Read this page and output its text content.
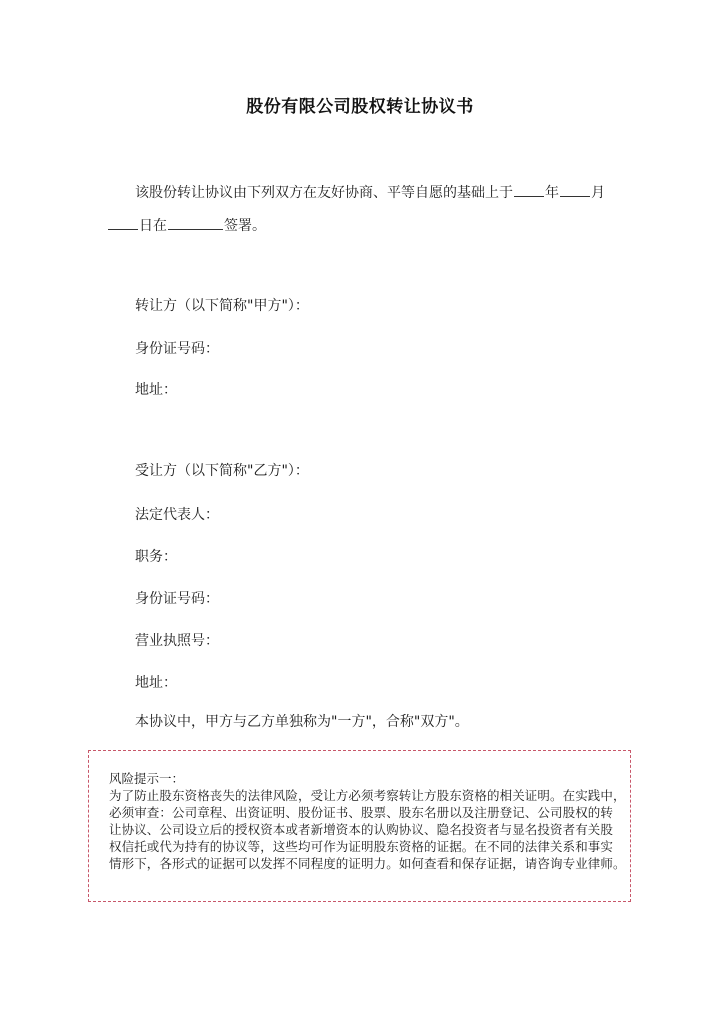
股份有限公司股权转让协议书
该股份转让协议由下列双方在友好协商、平等自愿的基础上于 年 月
日在	签署。
转让方（以下简称"甲方"）：
身份证号码：
地址：
受让方（以下简称"乙方"）：
法定代表人：
职务：
身份证号码：
营业执照号：
地址：
本协议中，甲方与乙方单独称为"一方"，合称"双方"。
风险提示一：
为了防止股东资格丧失的法律风险，受让方必须考察转让方股东资格的相关证明。在实践中，
必须审查：公司章程、出资证明、股份证书、股票、股东名册以及注册登记、公司股权的转
让协议、公司设立后的授权资本或者新增资本的认购协议、隐名投资者与显名投资者有关股
权信托或代为持有的协议等，这些均可作为证明股东资格的证据。在不同的法律关系和事实
情形下，各形式的证据可以发挥不同程度的证明力。如何查看和保存证据，请咨询专业律师。
